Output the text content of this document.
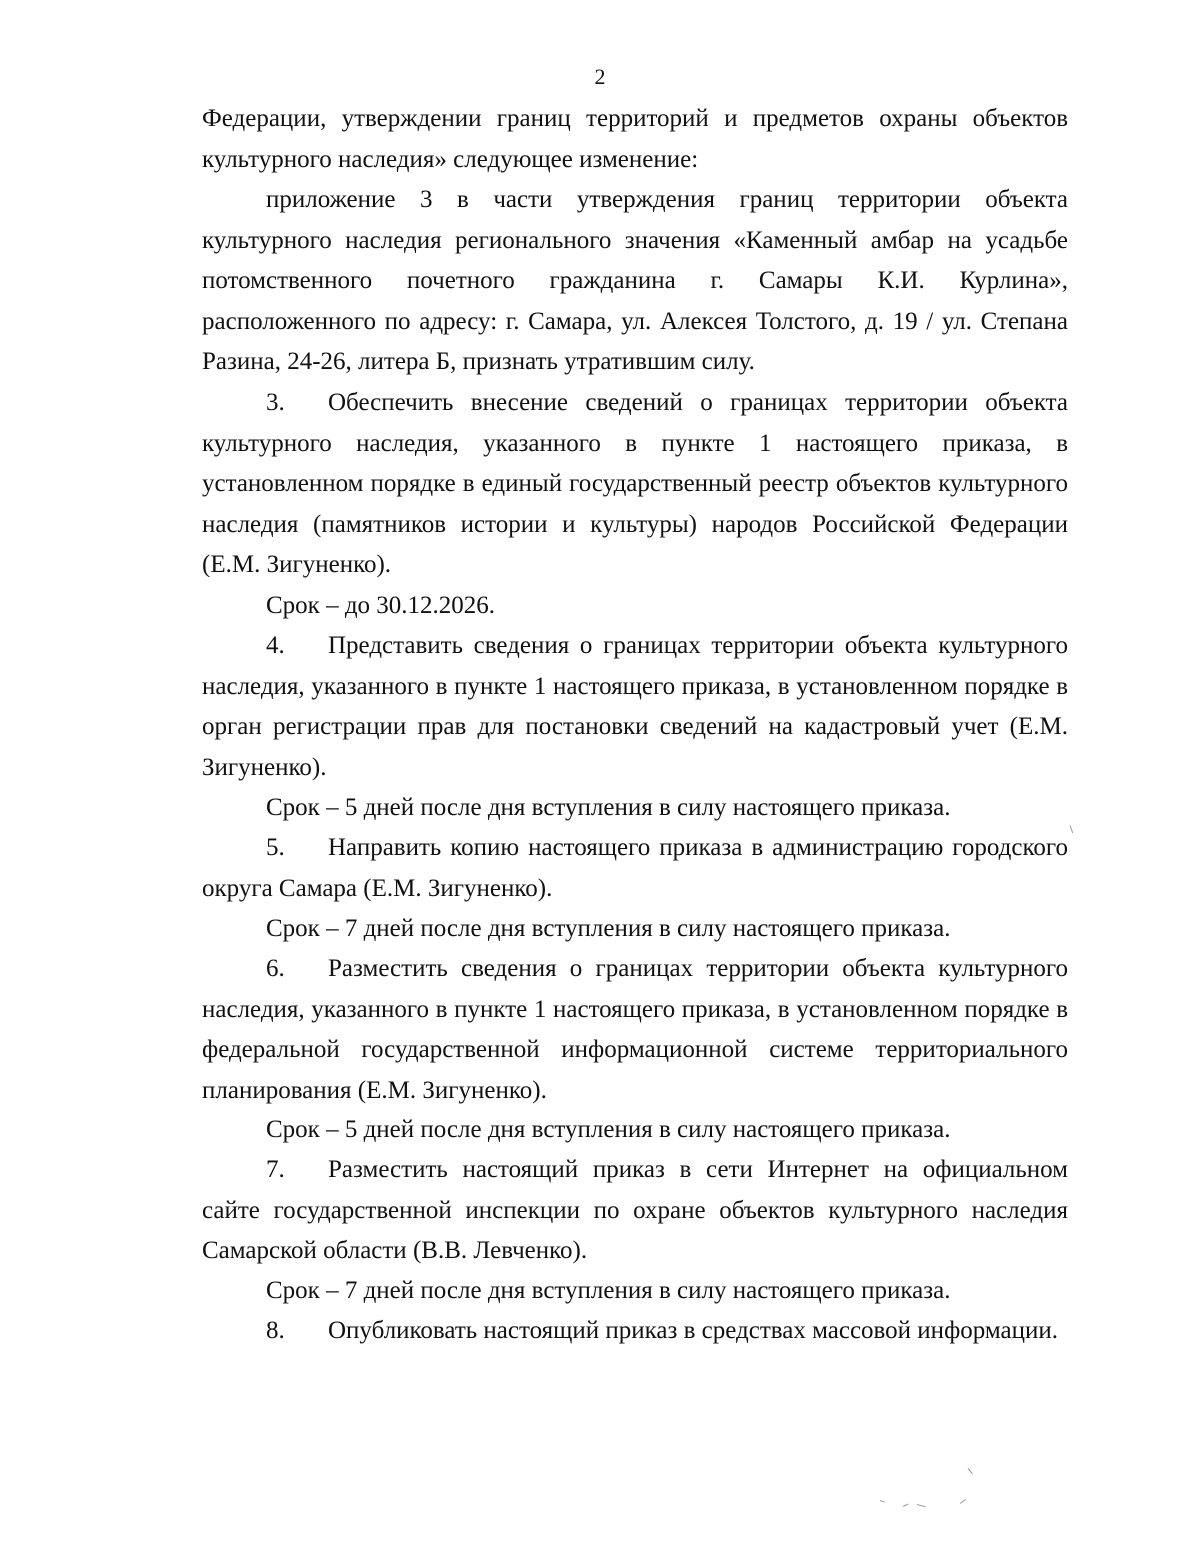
2

Федерации, утверждении границ территорий и предметов охраны объектов культурного наследия» следующее изменение:

приложение 3 в части утверждения границ территории объекта культурного наследия регионального значения «Каменный амбар на усадьбе потомственного почетного гражданина г. Самары К.И. Курлина», расположенного по адресу: г. Самара, ул. Алексея Толстого, д. 19 / ул. Степана Разина, 24-26, литера Б, признать утратившим силу.

3. Обеспечить внесение сведений о границах территории объекта культурного наследия, указанного в пункте 1 настоящего приказа, в установленном порядке в единый государственный реестр объектов культурного наследия (памятников истории и культуры) народов Российской Федерации (Е.М. Зигуненко).

Срок – до 30.12.2026.

4. Представить сведения о границах территории объекта культурного наследия, указанного в пункте 1 настоящего приказа, в установленном порядке в орган регистрации прав для постановки сведений на кадастровый учет (Е.М. Зигуненко).

Срок – 5 дней после дня вступления в силу настоящего приказа.

5. Направить копию настоящего приказа в администрацию городского округа Самара (Е.М. Зигуненко).

Срок – 7 дней после дня вступления в силу настоящего приказа.

6. Разместить сведения о границах территории объекта культурного наследия, указанного в пункте 1 настоящего приказа, в установленном порядке в федеральной государственной информационной системе территориального планирования (Е.М. Зигуненко).

Срок – 5 дней после дня вступления в силу настоящего приказа.

7. Разместить настоящий приказ в сети Интернет на официальном сайте государственной инспекции по охране объектов культурного наследия Самарской области (В.В. Левченко).

Срок – 7 дней после дня вступления в силу настоящего приказа.

8. Опубликовать настоящий приказ в средствах массовой информации.
